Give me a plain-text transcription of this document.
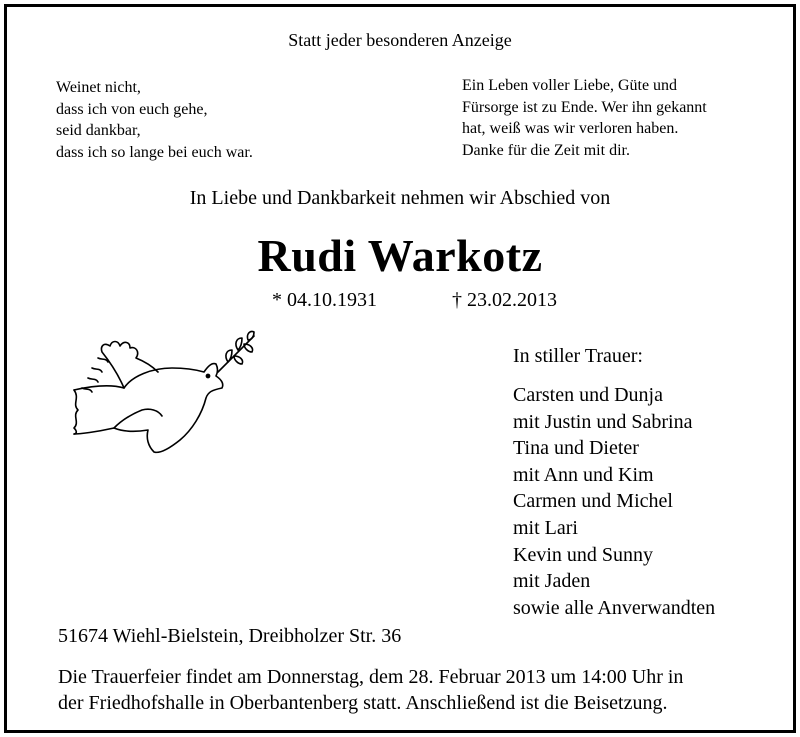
Statt jeder besonderen Anzeige
Weinet nicht,
dass ich von euch gehe,
seid dankbar,
dass ich so lange bei euch war.
Ein Leben voller Liebe, Güte und
Fürsorge ist zu Ende. Wer ihn gekannt
hat, weiß was wir verloren haben.
Danke für die Zeit mit dir.
In Liebe und Dankbarkeit nehmen wir Abschied von
Rudi Warkotz
* 04.10.1931	† 23.02.2013
In stiller Trauer:
Carsten und Dunja
mit Justin und Sabrina
Tina und Dieter
mit Ann und Kim
Carmen und Michel
mit Lari
Kevin und Sunny
mit Jaden
sowie alle Anverwandten
51674 Wiehl-Bielstein, Dreibholzer Str. 36
Die Trauerfeier findet am Donnerstag, dem 28. Februar 2013 um 14:00 Uhr in
der Friedhofshalle in Oberbantenberg statt. Anschließend ist die Beisetzung.
